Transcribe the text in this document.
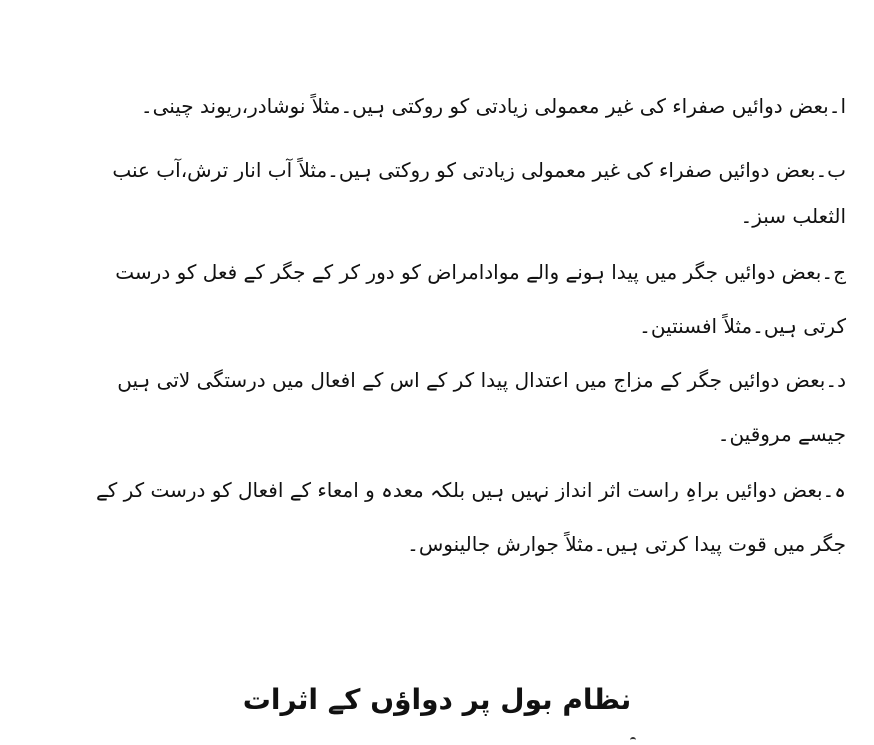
ا۔بعض دوائیں صفراء کی غیر معمولی زیادتی کو روکتی ہیں۔مثلاً نوشادر،ریوند چینی۔
ب۔بعض دوائیں صفراء کی غیر معمولی زیادتی کو روکتی ہیں۔مثلاً آب انار ترش،آب عنب
الثعلب سبز۔
ج۔بعض دوائیں جگر میں پیدا ہونے والے موادامراض کو دور کر کے جگر کے فعل کو درست
کرتی ہیں۔مثلاً افسنتین۔
د۔بعض دوائیں جگر کے مزاج میں اعتدال پیدا کر کے اس کے افعال میں درستگی لاتی ہیں
جیسے مروقین۔
ہ۔بعض دوائیں براہِ راست اثر انداز نہیں ہیں بلکہ معدہ و امعاء کے افعال کو درست کر کے
جگر میں قوت پیدا کرتی ہیں۔مثلاً جوارش جالینوس۔
نظام بول پر دواؤں کے اثرات
